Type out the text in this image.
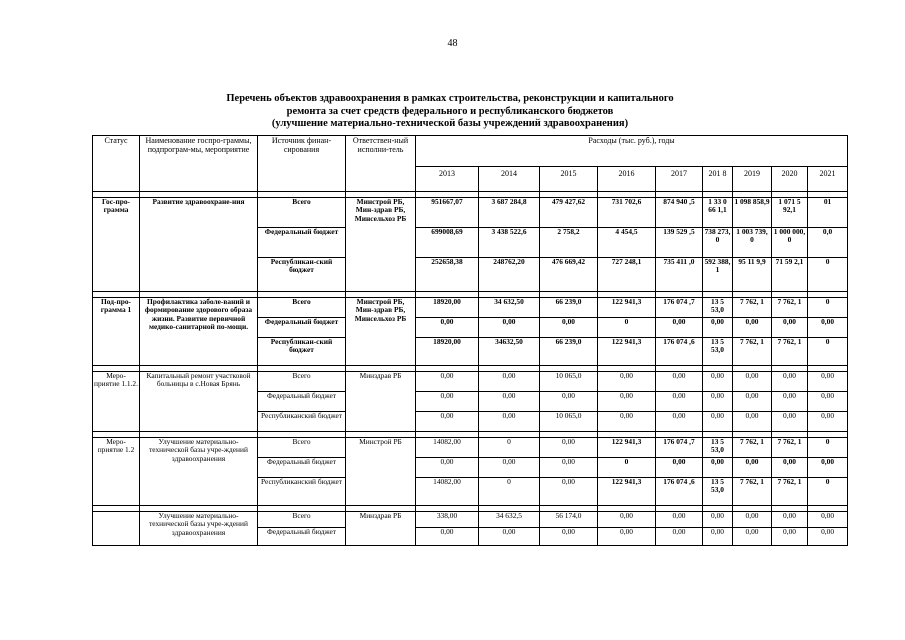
48
Перечень объектов здравоохранения в рамках строительства, реконструкции и капитального
ремонта за счет средств федерального и республиканского бюджетов
(улучшение материально-технической базы учреждений здравоохранения)
Статус	Наименование госпро-граммы, подпрограм-мы, мероприятие	Источник финан-сирования	Ответствен-ный исполни-тель	Расходы (тыс. руб.), годы								
				2013	2014	2015	2016	2017	201 8	2019	2020	2021

Гос-про-грамма	Развитие здравоохране-ния	Всего	Минстрой РБ, Мин-здрав РБ, Минсельхоз РБ	951667,07	3 687 284,8	479 427,62	731 702,6	874 940 ,5	1 33 0 66 1,1	1 098 858,9	1 071 5 92,1	01
		Федеральный бюджет		699008,69	3 438 522,6	2 758,2	4 454,5	139 529 ,5	738 273, 0	1 003 739, 0	1 000 000, 0	0,0
		Республикан-ский бюджет		252658,38	248762,20	476 669,42	727 248,1	735 411 ,0	592 388, 1	95 11 9,9	71 59 2,1	0

Под-про-грамма 1	Профилактика заболе-ваний и формирование здорового образа жизни. Развитие первичной медико-санитарной по-мощи.	Всего	Минстрой РБ, Мин-здрав РБ, Минсельхоз РБ	18920,00	34 632,50	66 239,0	122 941,3	176 074 ,7	13 5 53,0	7 762, 1	7 762, 1	0
		Федеральный бюджет		0,00	0,00	0,00	0	0,00	0,00	0,00	0,00	0,00
		Республикан-ский бюджет		18920,00	34632,50	66 239,0	122 941,3	176 074 ,6	13 5 53,0	7 762, 1	7 762, 1	0

Меро-приятие 1.1.2.	Капитальный ремонт участковой больницы в с.Новая Брянь	Всего	Минздрав РБ	0,00	0,00	10 065,0	0,00	0,00	0,00	0,00	0,00	0,00
		Федеральный бюджет		0,00	0,00	0,00	0,00	0,00	0,00	0,00	0,00	0,00
		Республиканский бюджет		0,00	0,00	10 065,0	0,00	0,00	0,00	0,00	0,00	0,00

Меро-приятие 1.2	Улучшение материально-технической базы учре-ждений здравоохранения	Всего	Минстрой РБ	14082,00	0	0,00	122 941,3	176 074 ,7	13 5 53,0	7 762, 1	7 762, 1	0
		Федеральный бюджет		0,00	0,00	0,00	0	0,00	0,00	0,00	0,00	0,00
		Республиканский бюджет		14082,00	0	0,00	122 941,3	176 074 ,6	13 5 53,0	7 762, 1	7 762, 1	0

	Улучшение материально-технической базы учре-ждений здравоохранения	Всего	Минздрав РБ	338,00	34 632,5	56 174,0	0,00	0,00	0,00	0,00	0,00	0,00
		Федеральный бюджет		0,00	0,00	0,00	0,00	0,00	0,00	0,00	0,00	0,00
